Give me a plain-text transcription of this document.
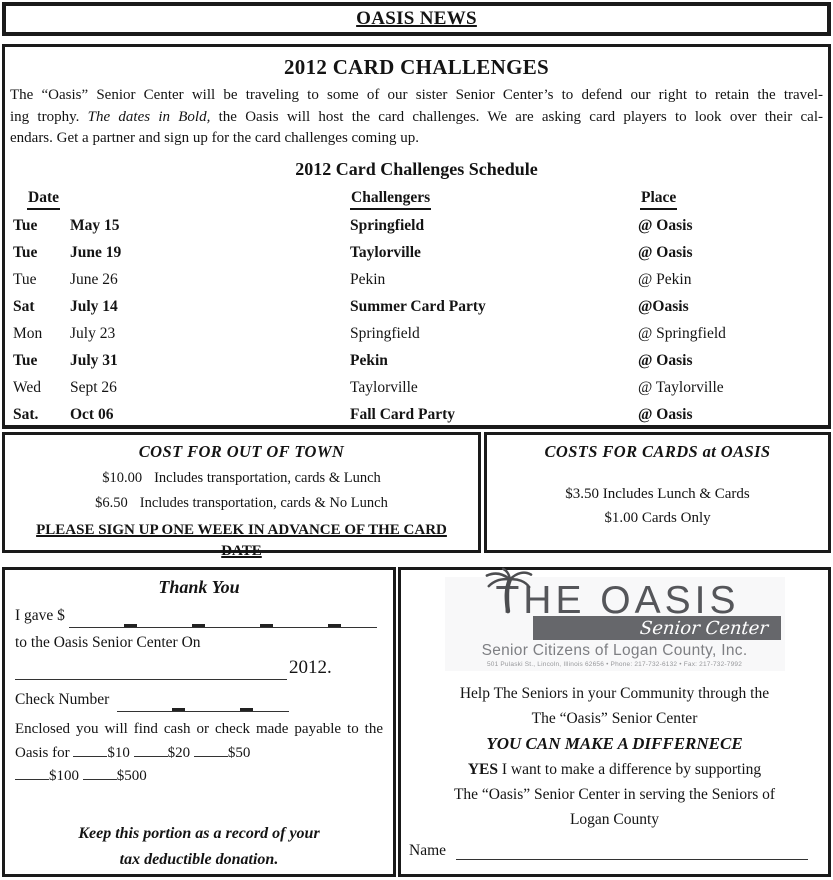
OASIS NEWS
2012 CARD CHALLENGES
The “Oasis” Senior Center will be traveling to some of our sister Senior Center’s to defend our right to retain the travel-
ing trophy. The dates in Bold, the Oasis will host the card challenges. We are asking card players to look over their cal-
endars. Get a partner and sign up for the card challenges coming up.
2012 Card Challenges Schedule
Date	Challengers	Place
Tue	May 15	Springfield	@ Oasis
Tue	June 19	Taylorville	@ Oasis
Tue	June 26	Pekin	@ Pekin
Sat	July 14	Summer Card Party	@Oasis
Mon	July 23	Springfield	@ Springfield
Tue	July 31	Pekin	@ Oasis
Wed	Sept 26	Taylorville	@ Taylorville
Sat.	Oct 06	Fall Card Party	@ Oasis
COST FOR OUT OF TOWN
$10.00 Includes transportation, cards & Lunch
$6.50 Includes transportation, cards & No Lunch
PLEASE SIGN UP ONE WEEK IN ADVANCE OF THE CARD
DATE
COSTS FOR CARDS at OASIS
$3.50 Includes Lunch & Cards
$1.00 Cards Only
Thank You
I gave $
to the Oasis Senior Center On
2012.
Check Number
Enclosed you will find cash or check made payable to the Oasis for	$10	$20	$50
$100	$500
Keep this portion as a record of your
tax deductible donation.
THE OASIS
Senior Center
Senior Citizens of Logan County, Inc.
501 Pulaski St., Lincoln, Illinois 62656 • Phone: 217-732-6132 • Fax: 217-732-7992
Help The Seniors in your Community through the
The “Oasis” Senior Center
YOU CAN MAKE A DIFFERNECE
YES I want to make a difference by supporting
The “Oasis” Senior Center in serving the Seniors of
Logan County
Name
